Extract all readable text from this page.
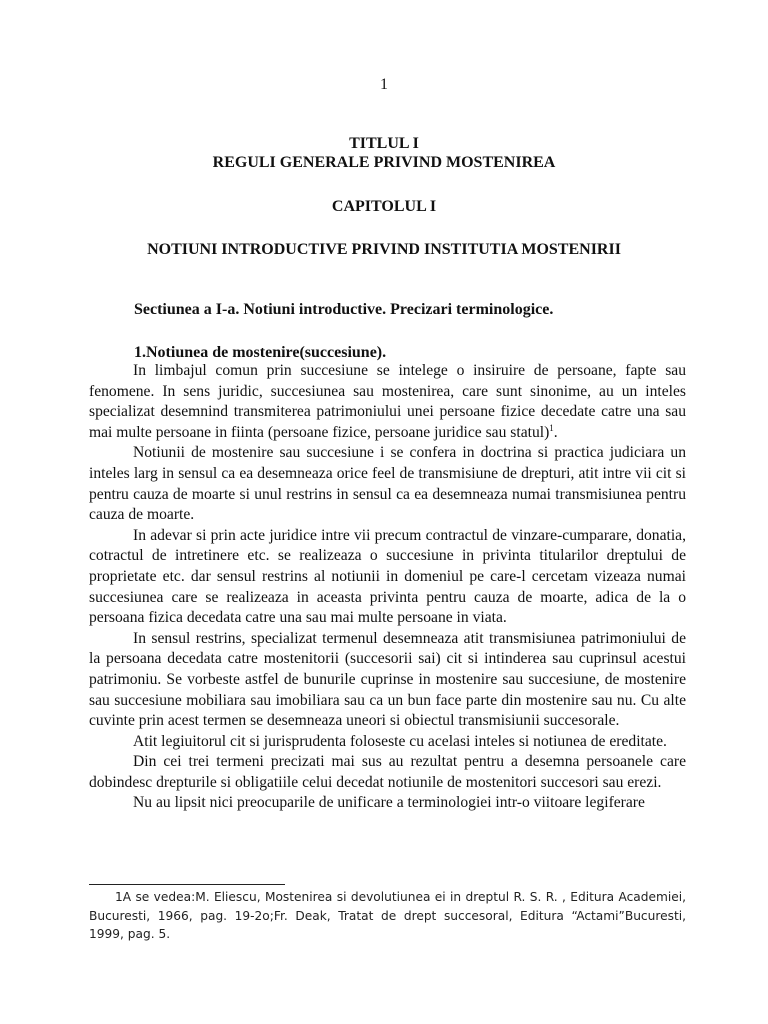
1
TITLUL I
REGULI GENERALE PRIVIND MOSTENIREA
CAPITOLUL I
NOTIUNI INTRODUCTIVE PRIVIND INSTITUTIA MOSTENIRII
Sectiunea a I-a. Notiuni introductive. Precizari terminologice.
1.Notiunea de mostenire(succesiune).

In limbajul comun prin succesiune se intelege o insiruire de persoane, fapte sau fenomene. In sens juridic, succesiunea sau mostenirea, care sunt sinonime, au un inteles specializat desemnind transmiterea patrimoniului unei persoane fizice decedate catre una sau mai multe persoane in fiinta (persoane fizice, persoane juridice sau statul)$^1$.

Notiunii de mostenire sau succesiune i se confera in doctrina si practica judiciara un inteles larg in sensul ca ea desemneaza orice feel de transmisiune de drepturi, atit intre vii cit si pentru cauza de moarte si unul restrins in sensul ca ea desemneaza numai transmisiunea pentru cauza de moarte.

In adevar si prin acte juridice intre vii precum contractul de vinzare-cumparare, donatia, cotractul de intretinere etc. se realizeaza o succesiune in privinta titularilor dreptului de proprietate etc. dar sensul restrins al notiunii in domeniul pe care-l cercetam vizeaza numai succesiunea care se realizeaza in aceasta privinta pentru cauza de moarte, adica de la o persoana fizica decedata catre una sau mai multe persoane in viata.

In sensul restrins, specializat termenul desemneaza atit transmisiunea patrimoniului de la persoana decedata catre mostenitorii (succesorii sai) cit si intinderea sau cuprinsul acestui patrimoniu. Se vorbeste astfel de bunurile cuprinse in mostenire sau succesiune, de mostenire sau succesiune mobiliara sau imobiliara sau ca un bun face parte din mostenire sau nu. Cu alte cuvinte prin acest termen se desemneaza uneori si obiectul transmisiunii succesorale.

Atit legiuitorul cit si jurisprudenta foloseste cu acelasi inteles si notiunea de ereditate.

Din cei trei termeni precizati mai sus au rezultat pentru a desemna persoanele care dobindesc drepturile si obligatiile celui decedat notiunile de mostenitori succesori sau erezi.

Nu au lipsit nici preocuparile de unificare a terminologiei intr-o viitoare legiferare

1A se vedea:M. Eliescu, Mostenirea si devolutiunea ei in dreptul R. S. R. , Editura Academiei, Bucuresti, 1966, pag. 19-2o;Fr. Deak, Tratat de drept succesoral, Editura “Actami”Bucuresti, 1999, pag. 5.
